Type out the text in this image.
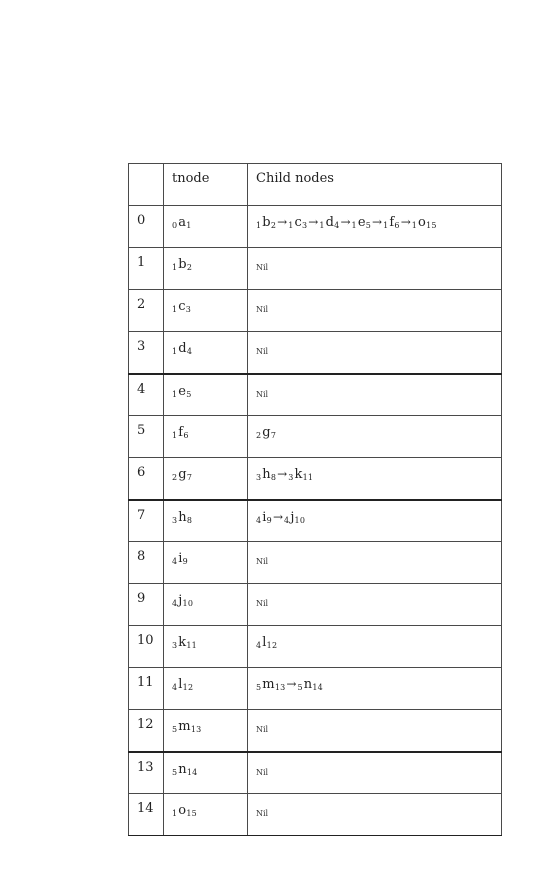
	tnode	Child nodes

0	$0a_1$	$1b_2\to 1c_3\to 1d_4\to 1e_5\to 1f_6\to 1o_{15}$

1	$1b_2$	Nil

2	$1c_3$	Nil

3	$1d_4$	Nil

4	$1e_5$	Nil

5	$1f_6$	$2g_7$

6	$2g_7$	$3h_8\to 3k_{11}$

7	$3h_8$	$4i_9\to 4j_{10}$

8	$4i_9$	Nil

9	$4j_{10}$	Nil

10	$3k_{11}$	$4l_{12}$

11	$4l_{12}$	$5m_{13}\to 5n_{14}$

12	$5m_{13}$	Nil

13	$5n_{14}$	Nil

14	$1o_{15}$	Nil
